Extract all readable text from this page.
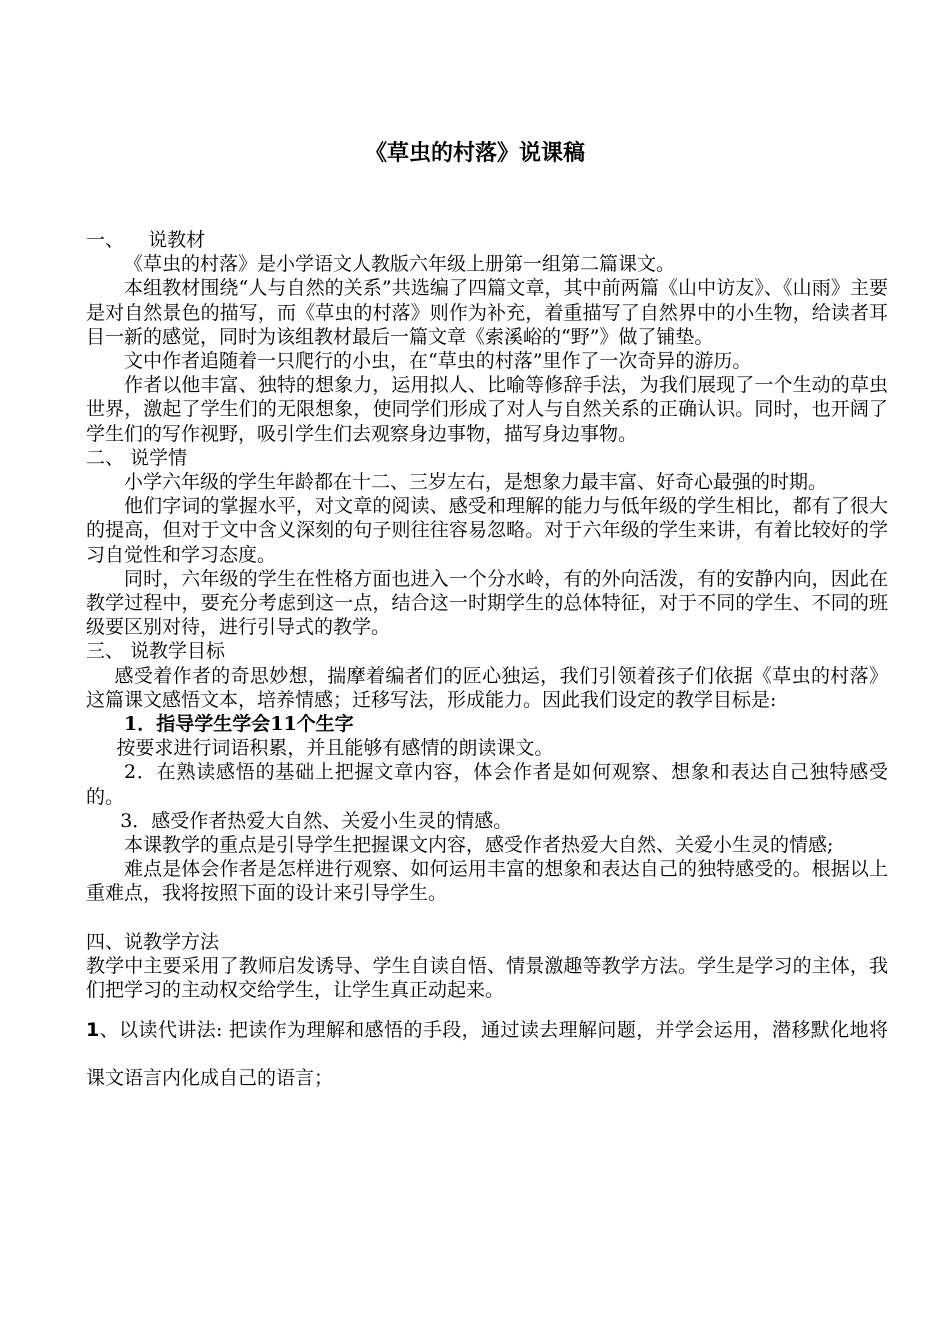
《草虫的村落》说课稿

一、    说教材

《草虫的村落》是小学语文人教版六年级上册第一组第二篇课文。

本组教材围绕“人与自然的关系”共选编了四篇文章，其中前两篇《山中访友》、《山雨》主要是对自然景色的描写，而《草虫的村落》则作为补充，着重描写了自然界中的小生物，给读者耳目一新的感觉，同时为该组教材最后一篇文章《索溪峪的“野”》做了铺垫。

文中作者追随着一只爬行的小虫，在“草虫的村落”里作了一次奇异的游历。

作者以他丰富、独特的想象力，运用拟人、比喻等修辞手法，为我们展现了一个生动的草虫世界，激起了学生们的无限想象，使同学们形成了对人与自然关系的正确认识。同时，也开阔了学生们的写作视野，吸引学生们去观察身边事物，描写身边事物。

二、 说学情

小学六年级的学生年龄都在十二、三岁左右，是想象力最丰富、好奇心最强的时期。

他们字词的掌握水平，对文章的阅读、感受和理解的能力与低年级的学生相比，都有了很大的提高，但对于文中含义深刻的句子则往往容易忽略。对于六年级的学生来讲，有着比较好的学习自觉性和学习态度。

同时，六年级的学生在性格方面也进入一个分水岭，有的外向活泼，有的安静内向，因此在教学过程中，要充分考虑到这一点，结合这一时期学生的总体特征，对于不同的学生、不同的班级要区别对待，进行引导式的教学。

三、 说教学目标

感受着作者的奇思妙想，揣摩着编者们的匠心独运，我们引领着孩子们依据《草虫的村落》这篇课文感悟文本，培养情感；迁移写法，形成能力。因此我们设定的教学目标是:

1．指导学生学会11个生字

按要求进行词语积累，并且能够有感情的朗读课文。

2．在熟读感悟的基础上把握文章内容，体会作者是如何观察、想象和表达自己独特感受的。

3．感受作者热爱大自然、关爱小生灵的情感。

本课教学的重点是引导学生把握课文内容，感受作者热爱大自然、关爱小生灵的情感;

难点是体会作者是怎样进行观察、如何运用丰富的想象和表达自己的独特感受的。根据以上重难点，我将按照下面的设计来引导学生。

四、说教学方法

教学中主要采用了教师启发诱导、学生自读自悟、情景激趣等教学方法。学生是学习的主体，我们把学习的主动权交给学生，让学生真正动起来。

1、以读代讲法: 把读作为理解和感悟的手段，通过读去理解问题，并学会运用，潜移默化地将课文语言内化成自己的语言；
